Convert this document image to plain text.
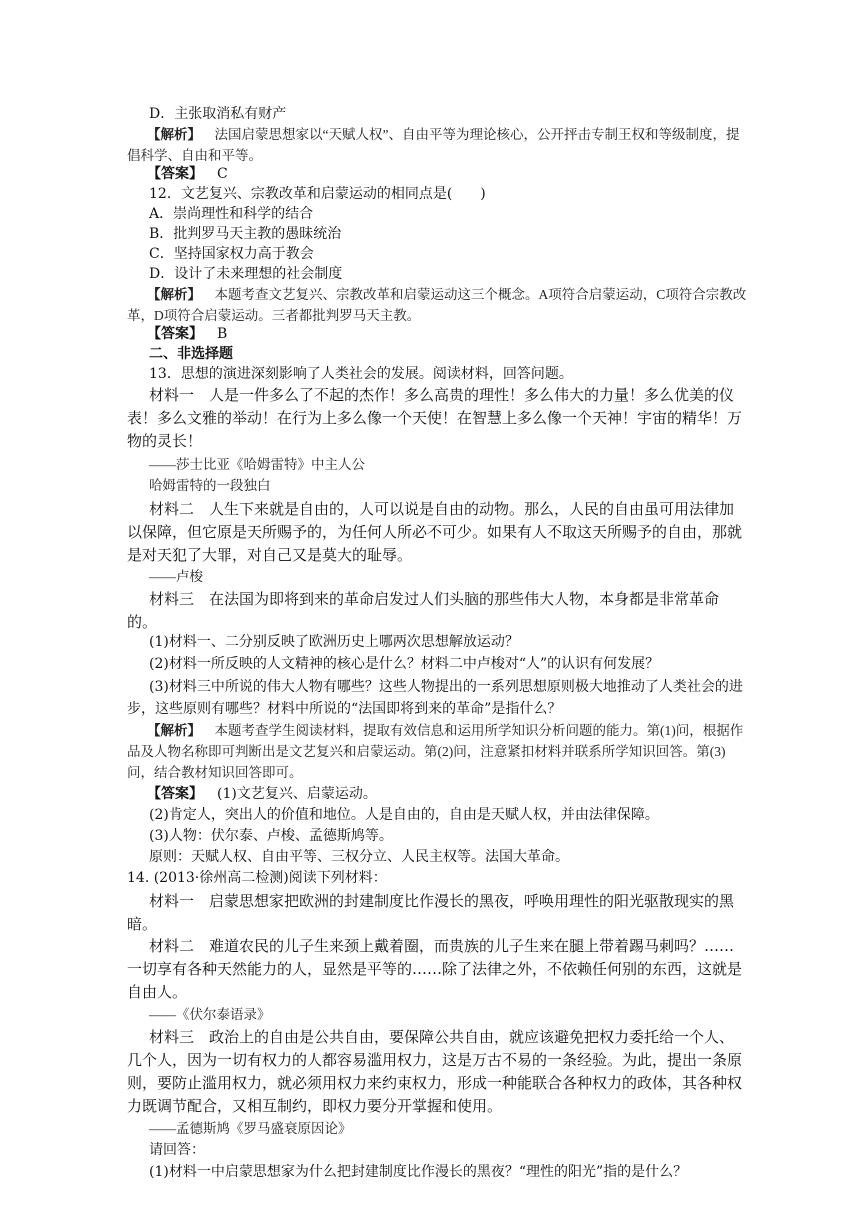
D．主张取消私有财产

【解析】  法国启蒙思想家以“天赋人权”、自由平等为理论核心，公开抨击专制王权和等级制度，提倡科学、自由和平等。

【答案】  C

12．文艺复兴、宗教改革和启蒙运动的相同点是(　　)

A．崇尚理性和科学的结合

B．批判罗马天主教的愚昧统治

C．坚持国家权力高于教会

D．设计了未来理想的社会制度

【解析】  本题考查文艺复兴、宗教改革和启蒙运动这三个概念。A项符合启蒙运动，C项符合宗教改革，D项符合启蒙运动。三者都批判罗马天主教。

【答案】  B

二、非选择题

13．思想的演进深刻影响了人类社会的发展。阅读材料，回答问题。

材料一  人是一件多么了不起的杰作！多么高贵的理性！多么伟大的力量！多么优美的仪表！多么文雅的举动！在行为上多么像一个天使！在智慧上多么像一个天神！宇宙的精华！万物的灵长！

——莎士比亚《哈姆雷特》中主人公

哈姆雷特的一段独白

材料二  人生下来就是自由的，人可以说是自由的动物。那么，人民的自由虽可用法律加以保障，但它原是天所赐予的，为任何人所必不可少。如果有人不取这天所赐予的自由，那就是对天犯了大罪，对自己又是莫大的耻辱。

——卢梭

材料三  在法国为即将到来的革命启发过人们头脑的那些伟大人物，本身都是非常革命的。

(1)材料一、二分别反映了欧洲历史上哪两次思想解放运动？

(2)材料一所反映的人文精神的核心是什么？材料二中卢梭对“人”的认识有何发展？

(3)材料三中所说的伟大人物有哪些？这些人物提出的一系列思想原则极大地推动了人类社会的进步，这些原则有哪些？材料中所说的“法国即将到来的革命”是指什么？

【解析】  本题考查学生阅读材料，提取有效信息和运用所学知识分析问题的能力。第(1)问，根据作品及人物名称即可判断出是文艺复兴和启蒙运动。第(2)问，注意紧扣材料并联系所学知识回答。第(3)问，结合教材知识回答即可。

【答案】  (1)文艺复兴、启蒙运动。

(2)肯定人，突出人的价值和地位。人是自由的，自由是天赋人权，并由法律保障。

(3)人物：伏尔泰、卢梭、孟德斯鸠等。

原则：天赋人权、自由平等、三权分立、人民主权等。法国大革命。

14. (2013·徐州高二检测)阅读下列材料：

材料一  启蒙思想家把欧洲的封建制度比作漫长的黑夜，呼唤用理性的阳光驱散现实的黑暗。

材料二  难道农民的儿子生来颈上戴着圈，而贵族的儿子生来在腿上带着踢马刺吗？……一切享有各种天然能力的人，显然是平等的……除了法律之外，不依赖任何别的东西，这就是自由人。

——《伏尔泰语录》

材料三  政治上的自由是公共自由，要保障公共自由，就应该避免把权力委托给一个人、几个人，因为一切有权力的人都容易滥用权力，这是万古不易的一条经验。为此，提出一条原则，要防止滥用权力，就必须用权力来约束权力，形成一种能联合各种权力的政体，其各种权力既调节配合，又相互制约，即权力要分开掌握和使用。

——孟德斯鸠《罗马盛衰原因论》

请回答：

(1)材料一中启蒙思想家为什么把封建制度比作漫长的黑夜？“理性的阳光”指的是什么？
